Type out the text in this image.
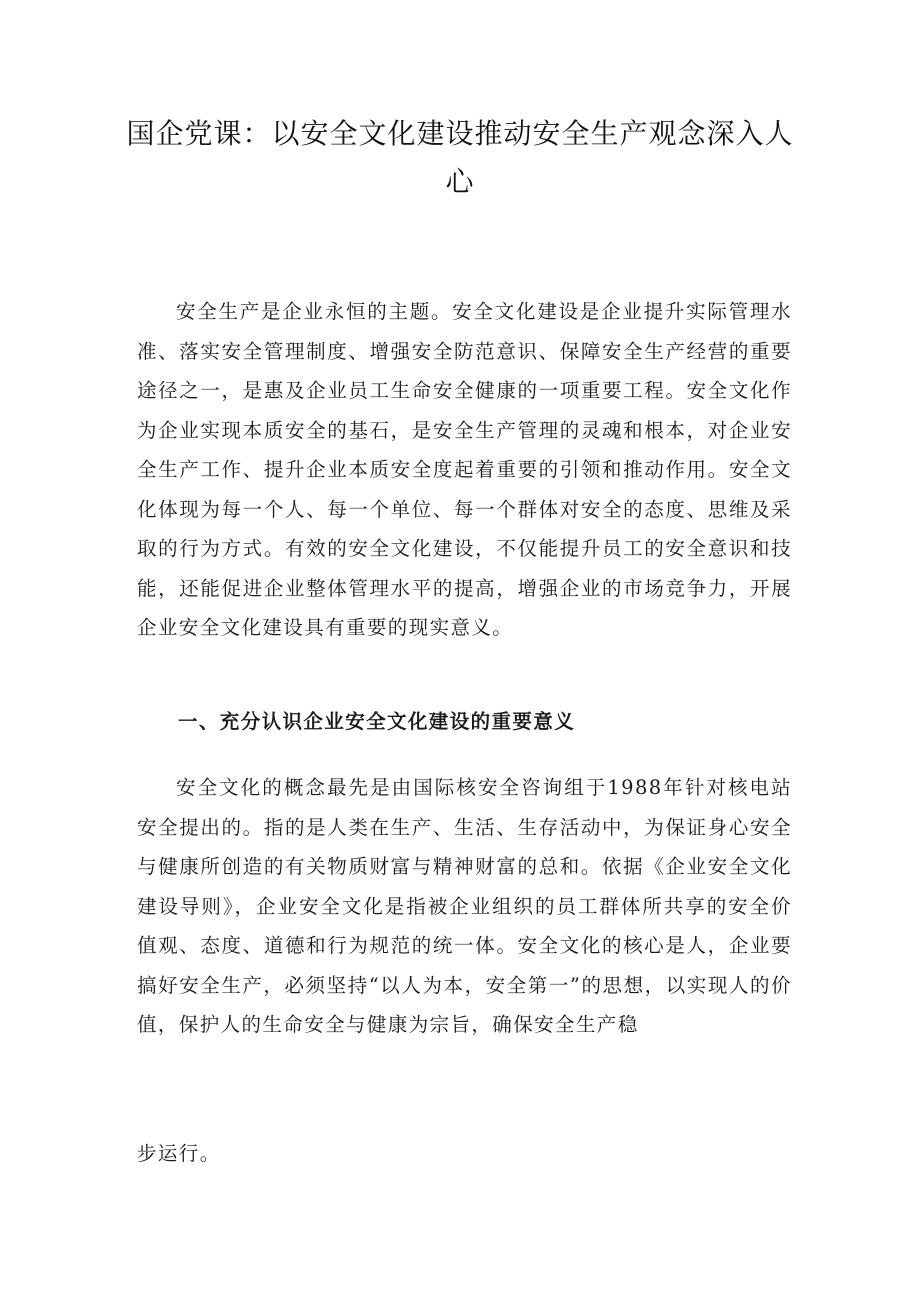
国企党课：以安全文化建设推动安全生产观念深入人心

安全生产是企业永恒的主题。安全文化建设是企业提升实际管理水准、落实安全管理制度、增强安全防范意识、保障安全生产经营的重要途径之一，是惠及企业员工生命安全健康的一项重要工程。安全文化作为企业实现本质安全的基石，是安全生产管理的灵魂和根本，对企业安全生产工作、提升企业本质安全度起着重要的引领和推动作用。安全文化体现为每一个人、每一个单位、每一个群体对安全的态度、思维及采取的行为方式。有效的安全文化建设，不仅能提升员工的安全意识和技能，还能促进企业整体管理水平的提高，增强企业的市场竞争力，开展企业安全文化建设具有重要的现实意义。

一、充分认识企业安全文化建设的重要意义

安全文化的概念最先是由国际核安全咨询组于1988年针对核电站安全提出的。指的是人类在生产、生活、生存活动中，为保证身心安全与健康所创造的有关物质财富与精神财富的总和。依据《企业安全文化建设导则》，企业安全文化是指被企业组织的员工群体所共享的安全价值观、态度、道德和行为规范的统一体。安全文化的核心是人，企业要搞好安全生产，必须坚持“以人为本，安全第一”的思想，以实现人的价值，保护人的生命安全与健康为宗旨，确保安全生产稳

步运行。
